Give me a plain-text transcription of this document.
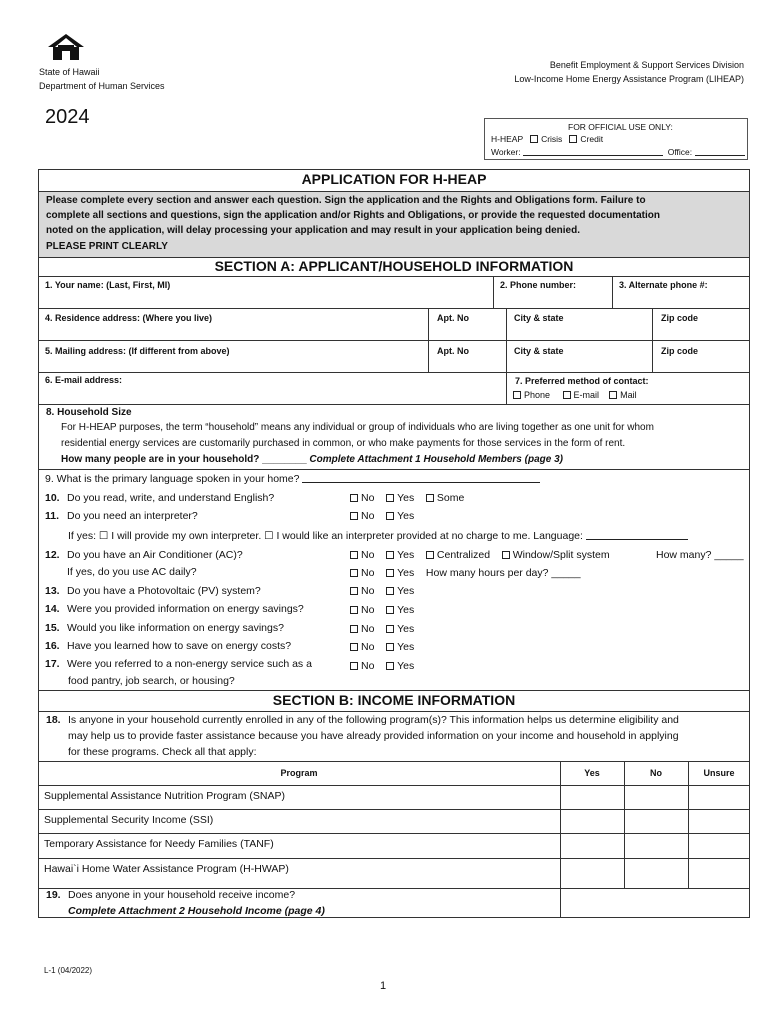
State of Hawaii
Department of Human Services
Benefit Employment & Support Services Division
Low-Income Home Energy Assistance Program (LIHEAP)
2024	FOR OFFICIAL USE ONLY:
H-HEAP Crisis Credit
Worker:	Office:
APPLICATION FOR H-HEAP
Please complete every section and answer each question. Sign the application and the Rights and Obligations form. Failure to
complete all sections and questions, sign the application and/or Rights and Obligations, or provide the requested documentation
noted on the application, will delay processing your application and may result in your application being denied.
PLEASE PRINT CLEARLY
SECTION A: APPLICANT/HOUSEHOLD INFORMATION
1. Your name: (Last, First, MI)	2. Phone number:	3. Alternate phone #:
4. Residence address: (Where you live)	Apt. No	City & state	Zip code
5. Mailing address: (If different from above)	Apt. No	City & state	Zip code
6. E-mail address:	7. Preferred method of contact:
Phone	E-mail Mail
8. Household Size
For H-HEAP purposes, the term “household” means any individual or group of individuals who are living together as one unit for whom
residential energy services are customarily purchased in common, or who make payments for those services in the form of rent.
How many people are in your household? ________ Complete Attachment 1 Household Members (page 3)
9. What is the primary language spoken in your home?
10. Do you read, write, and understand English?	No Yes Some
11. Do you need an interpreter?	No Yes
If yes: ☐ I will provide my own interpreter. ☐ I would like an interpreter provided at no charge to me. Language:
12. Do you have an Air Conditioner (AC)?	No Yes Centralized Window/Split system	How many? _____
If yes, do you use AC daily?	No Yes How many hours per day? _____
13. Do you have a Photovoltaic (PV) system?	No Yes
14. Were you provided information on energy savings?	No Yes
15. Would you like information on energy savings?	No Yes
16. Have you learned how to save on energy costs?	No Yes
17. Were you referred to a non-energy service such as a	No Yes
food pantry, job search, or housing?
SECTION B: INCOME INFORMATION
18. Is anyone in your household currently enrolled in any of the following program(s)? This information helps us determine eligibility and
may help us to provide faster assistance because you have already provided information on your income and household in applying
for these programs. Check all that apply:
Program	Yes	No	Unsure
Supplemental Assistance Nutrition Program (SNAP)
Supplemental Security Income (SSI)
Temporary Assistance for Needy Families (TANF)
Hawai`i Home Water Assistance Program (H-HWAP)
19. Does anyone in your household receive income?
Complete Attachment 2 Household Income (page 4)
L-1 (04/2022)
1
